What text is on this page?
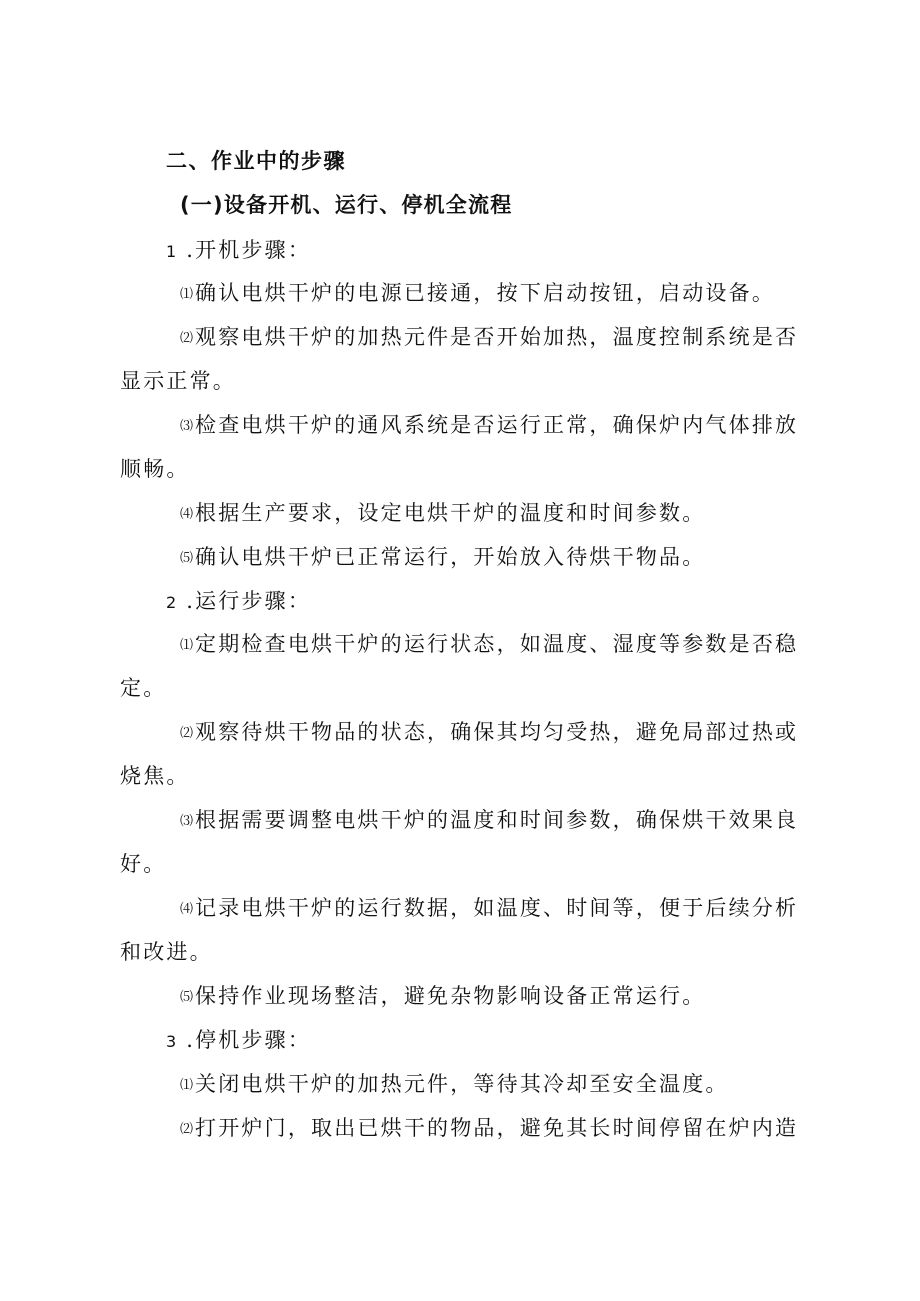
二、作业中的步骤

(一)设备开机、运行、停机全流程

1 .开机步骤：

⑴确认电烘干炉的电源已接通，按下启动按钮，启动设备。

⑵观察电烘干炉的加热元件是否开始加热，温度控制系统是否

显示正常。

⑶检查电烘干炉的通风系统是否运行正常，确保炉内气体排放

顺畅。

⑷根据生产要求，设定电烘干炉的温度和时间参数。

⑸确认电烘干炉已正常运行，开始放入待烘干物品。

2 .运行步骤：

⑴定期检查电烘干炉的运行状态，如温度、湿度等参数是否稳

定。

⑵观察待烘干物品的状态，确保其均匀受热，避免局部过热或

烧焦。

⑶根据需要调整电烘干炉的温度和时间参数，确保烘干效果良

好。

⑷记录电烘干炉的运行数据，如温度、时间等，便于后续分析

和改进。

⑸保持作业现场整洁，避免杂物影响设备正常运行。

3 .停机步骤：

⑴关闭电烘干炉的加热元件，等待其冷却至安全温度。

⑵打开炉门，取出已烘干的物品，避免其长时间停留在炉内造
